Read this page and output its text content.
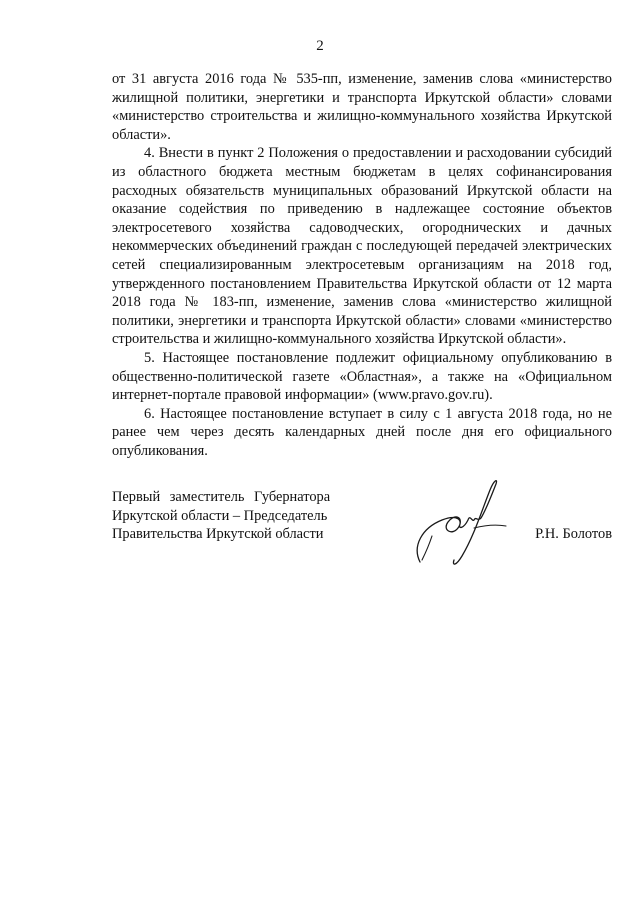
2

от 31 августа 2016 года № 535-пп, изменение, заменив слова «министерство жилищной политики, энергетики и транспорта Иркутской области» словами «министерство строительства и жилищно-коммунального хозяйства Иркутской области».

4. Внести в пункт 2 Положения о предоставлении и расходовании субсидий из областного бюджета местным бюджетам в целях софинансирования расходных обязательств муниципальных образований Иркутской области на оказание содействия по приведению в надлежащее состояние объектов электросетевого хозяйства садоводческих, огороднических и дачных некоммерческих объединений граждан с последующей передачей электрических сетей специализированным электросетевым организациям на 2018 год, утвержденного постановлением Правительства Иркутской области от 12 марта 2018 года № 183-пп, изменение, заменив слова «министерство жилищной политики, энергетики и транспорта Иркутской области» словами «министерство строительства и жилищно-коммунального хозяйства Иркутской области».

5. Настоящее постановление подлежит официальному опубликованию в общественно-политической газете «Областная», а также на «Официальном интернет-портале правовой информации» (www.pravo.gov.ru).

6. Настоящее постановление вступает в силу с 1 августа 2018 года, но не ранее чем через десять календарных дней после дня его официального опубликования.

Первый заместитель Губернатора
Иркутской области – Председатель
Правительства Иркутской области	Р.Н. Болотов
